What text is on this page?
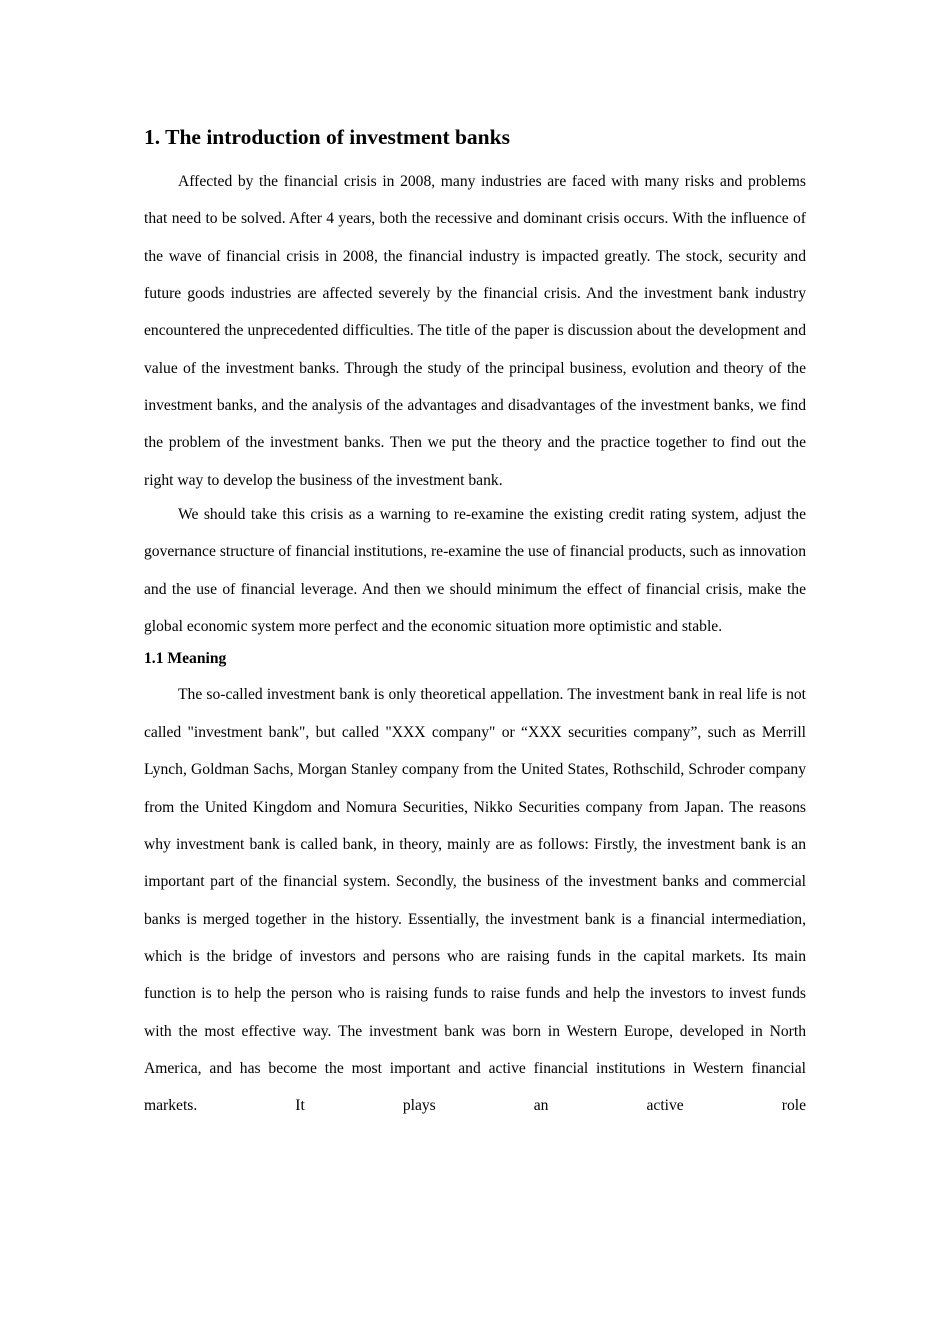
1. The introduction of investment banks

Affected by the financial crisis in 2008, many industries are faced with many risks and problems that need to be solved. After 4 years, both the recessive and dominant crisis occurs. With the influence of the wave of financial crisis in 2008, the financial industry is impacted greatly. The stock, security and future goods industries are affected severely by the financial crisis. And the investment bank industry encountered the unprecedented difficulties. The title of the paper is discussion about the development and value of the investment banks. Through the study of the principal business, evolution and theory of the investment banks, and the analysis of the advantages and disadvantages of the investment banks, we find the problem of the investment banks. Then we put the theory and the practice together to find out the right way to develop the business of the investment bank.

We should take this crisis as a warning to re-examine the existing credit rating system, adjust the governance structure of financial institutions, re-examine the use of financial products, such as innovation and the use of financial leverage. And then we should minimum the effect of financial crisis, make the global economic system more perfect and the economic situation more optimistic and stable.

1.1 Meaning

The so-called investment bank is only theoretical appellation. The investment bank in real life is not called "investment bank", but called "XXX company" or “XXX securities company”, such as Merrill Lynch, Goldman Sachs, Morgan Stanley company from the United States, Rothschild, Schroder company from the United Kingdom and Nomura Securities, Nikko Securities company from Japan. The reasons why investment bank is called bank, in theory, mainly are as follows: Firstly, the investment bank is an important part of the financial system. Secondly, the business of the investment banks and commercial banks is merged together in the history. Essentially, the investment bank is a financial intermediation, which is the bridge of investors and persons who are raising funds in the capital markets. Its main function is to help the person who is raising funds to raise funds and help the investors to invest funds with the most effective way. The investment bank was born in Western Europe, developed in North America, and has become the most important and active financial institutions in Western financial markets. It plays an active role
